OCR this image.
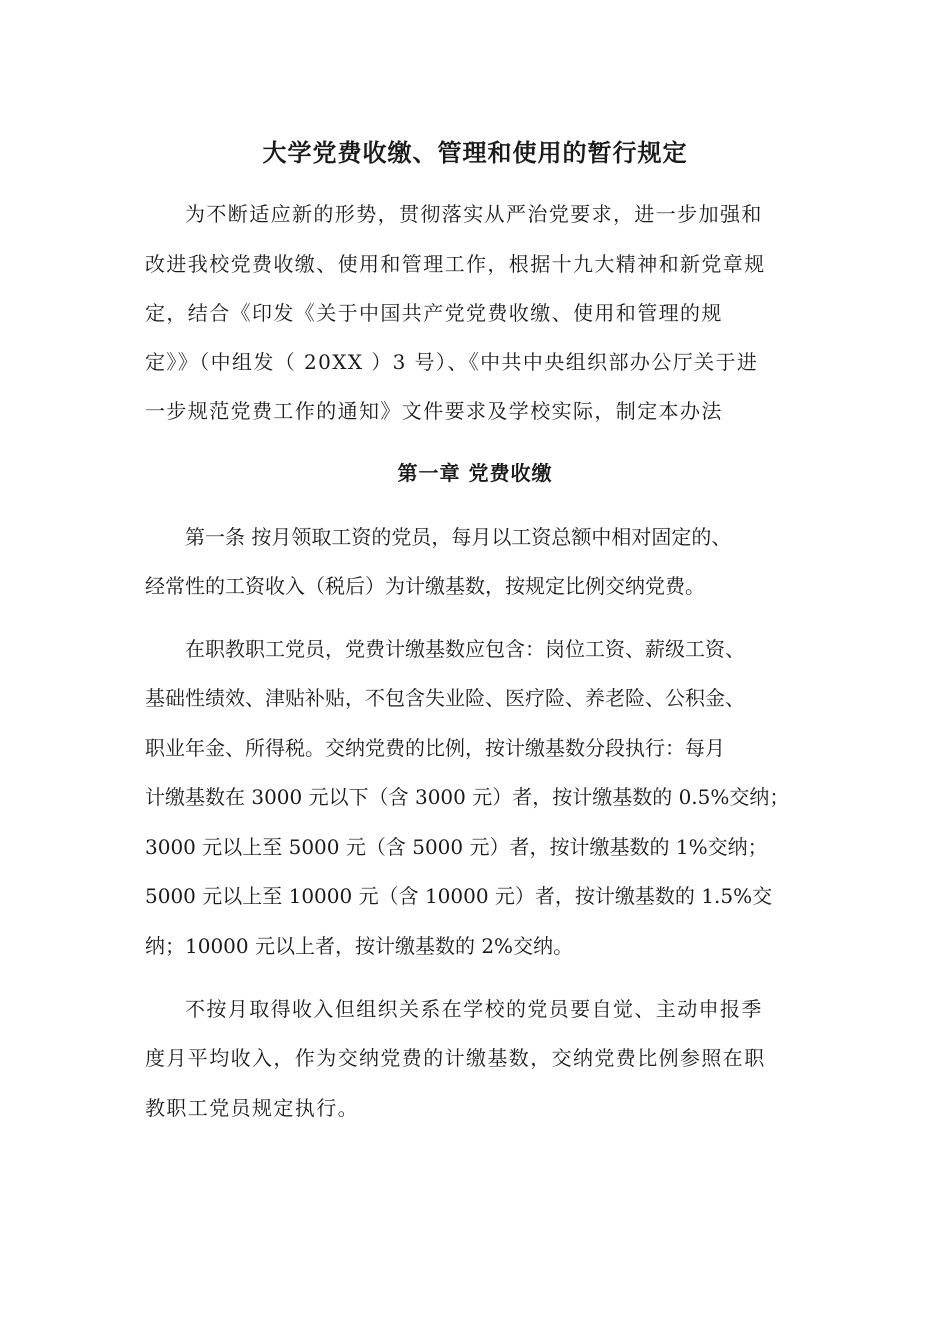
大学党费收缴、管理和使用的暂行规定
为不断适应新的形势，贯彻落实从严治党要求，进一步加强和
改进我校党费收缴、使用和管理工作，根据十九大精神和新党章规
定，结合《印发《关于中国共产党党费收缴、使用和管理的规
定》》（中组发（ 20XX ）3 号）、《中共中央组织部办公厅关于进
一步规范党费工作的通知》文件要求及学校实际，制定本办法
第一章 党费收缴
第一条 按月领取工资的党员，每月以工资总额中相对固定的、
经常性的工资收入（税后）为计缴基数，按规定比例交纳党费。
在职教职工党员，党费计缴基数应包含：岗位工资、薪级工资、
基础性绩效、津贴补贴，不包含失业险、医疗险、养老险、公积金、
职业年金、所得税。交纳党费的比例，按计缴基数分段执行：每月
计缴基数在 3000 元以下（含 3000 元）者，按计缴基数的 0.5%交纳；
3000 元以上至 5000 元（含 5000 元）者，按计缴基数的 1%交纳；
5000 元以上至 10000 元（含 10000 元）者，按计缴基数的 1.5%交
纳；10000 元以上者，按计缴基数的 2%交纳。
不按月取得收入但组织关系在学校的党员要自觉、主动申报季
度月平均收入，作为交纳党费的计缴基数，交纳党费比例参照在职
教职工党员规定执行。
